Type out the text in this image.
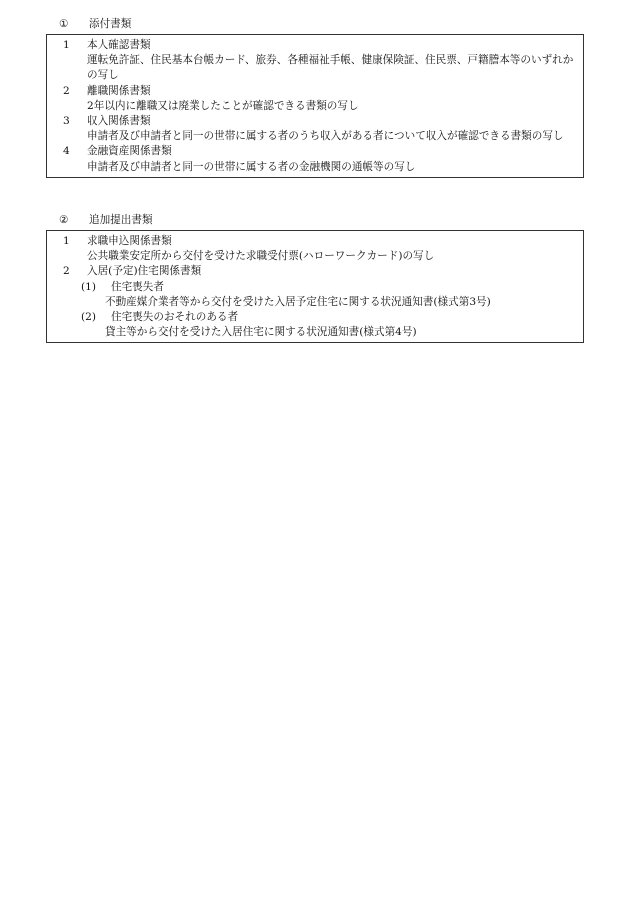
① 添付書類
1 本人確認書類
運転免許証、住民基本台帳カード、旅券、各種福祉手帳、健康保険証、住民票、戸籍謄本等のいずれかの写し
2 離職関係書類
2年以内に離職又は廃業したことが確認できる書類の写し
3 収入関係書類
申請者及び申請者と同一の世帯に属する者のうち収入がある者について収入が確認できる書類の写し
4 金融資産関係書類
申請者及び申請者と同一の世帯に属する者の金融機関の通帳等の写し
② 追加提出書類
1 求職申込関係書類
公共職業安定所から交付を受けた求職受付票(ハローワークカード)の写し
2 入居(予定)住宅関係書類
(1) 住宅喪失者
不動産媒介業者等から交付を受けた入居予定住宅に関する状況通知書(様式第3号)
(2) 住宅喪失のおそれのある者
貸主等から交付を受けた入居住宅に関する状況通知書(様式第4号)
